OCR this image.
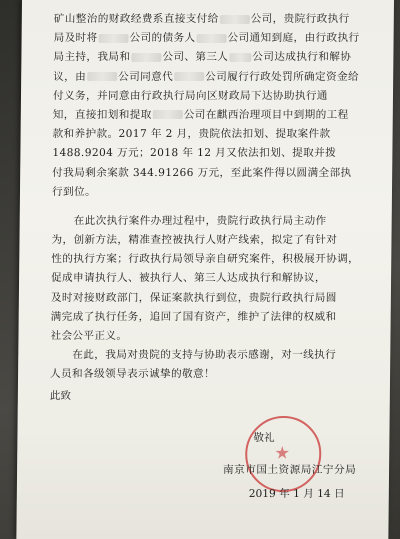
矿山整治的财政经费系直接支付给	公司，贵院行政执行
局及时将	公司的债务人	公司通知到庭，由行政执行
局主持，我局和	公司、第三人 公司达成执行和解协
议，由	公司同意代	公司履行行政处罚所确定资金给
付义务，并同意由行政执行局向区财政局下达协助执行通
知，直接扣划和提取	公司在麒西治理项目中到期的工程
款和养护款。2017 年 2 月，贵院依法扣划、提取案件款
1488.9204 万元；2018 年 12 月又依法扣划、提取并拨
付我局剩余案款 344.91266 万元，至此案件得以圆满全部执
行到位。
在此次执行案件办理过程中，贵院行政执行局主动作
为，创新方法，精准查控被执行人财产线索，拟定了有针对
性的执行方案；行政执行局领导亲自研究案件，积极展开协调，
促成申请执行人、被执行人、第三人达成执行和解协议，
及时对接财政部门，保证案款执行到位，贵院行政执行局圆
满完成了执行任务，追回了国有资产，维护了法律的权威和
社会公平正义。
在此，我局对贵院的支持与协助表示感谢，对一线执行
人员和各级领导表示诚挚的敬意！
此致
敬礼
南京市国土资源局江宁分局
2019 年 1 月 14 日
